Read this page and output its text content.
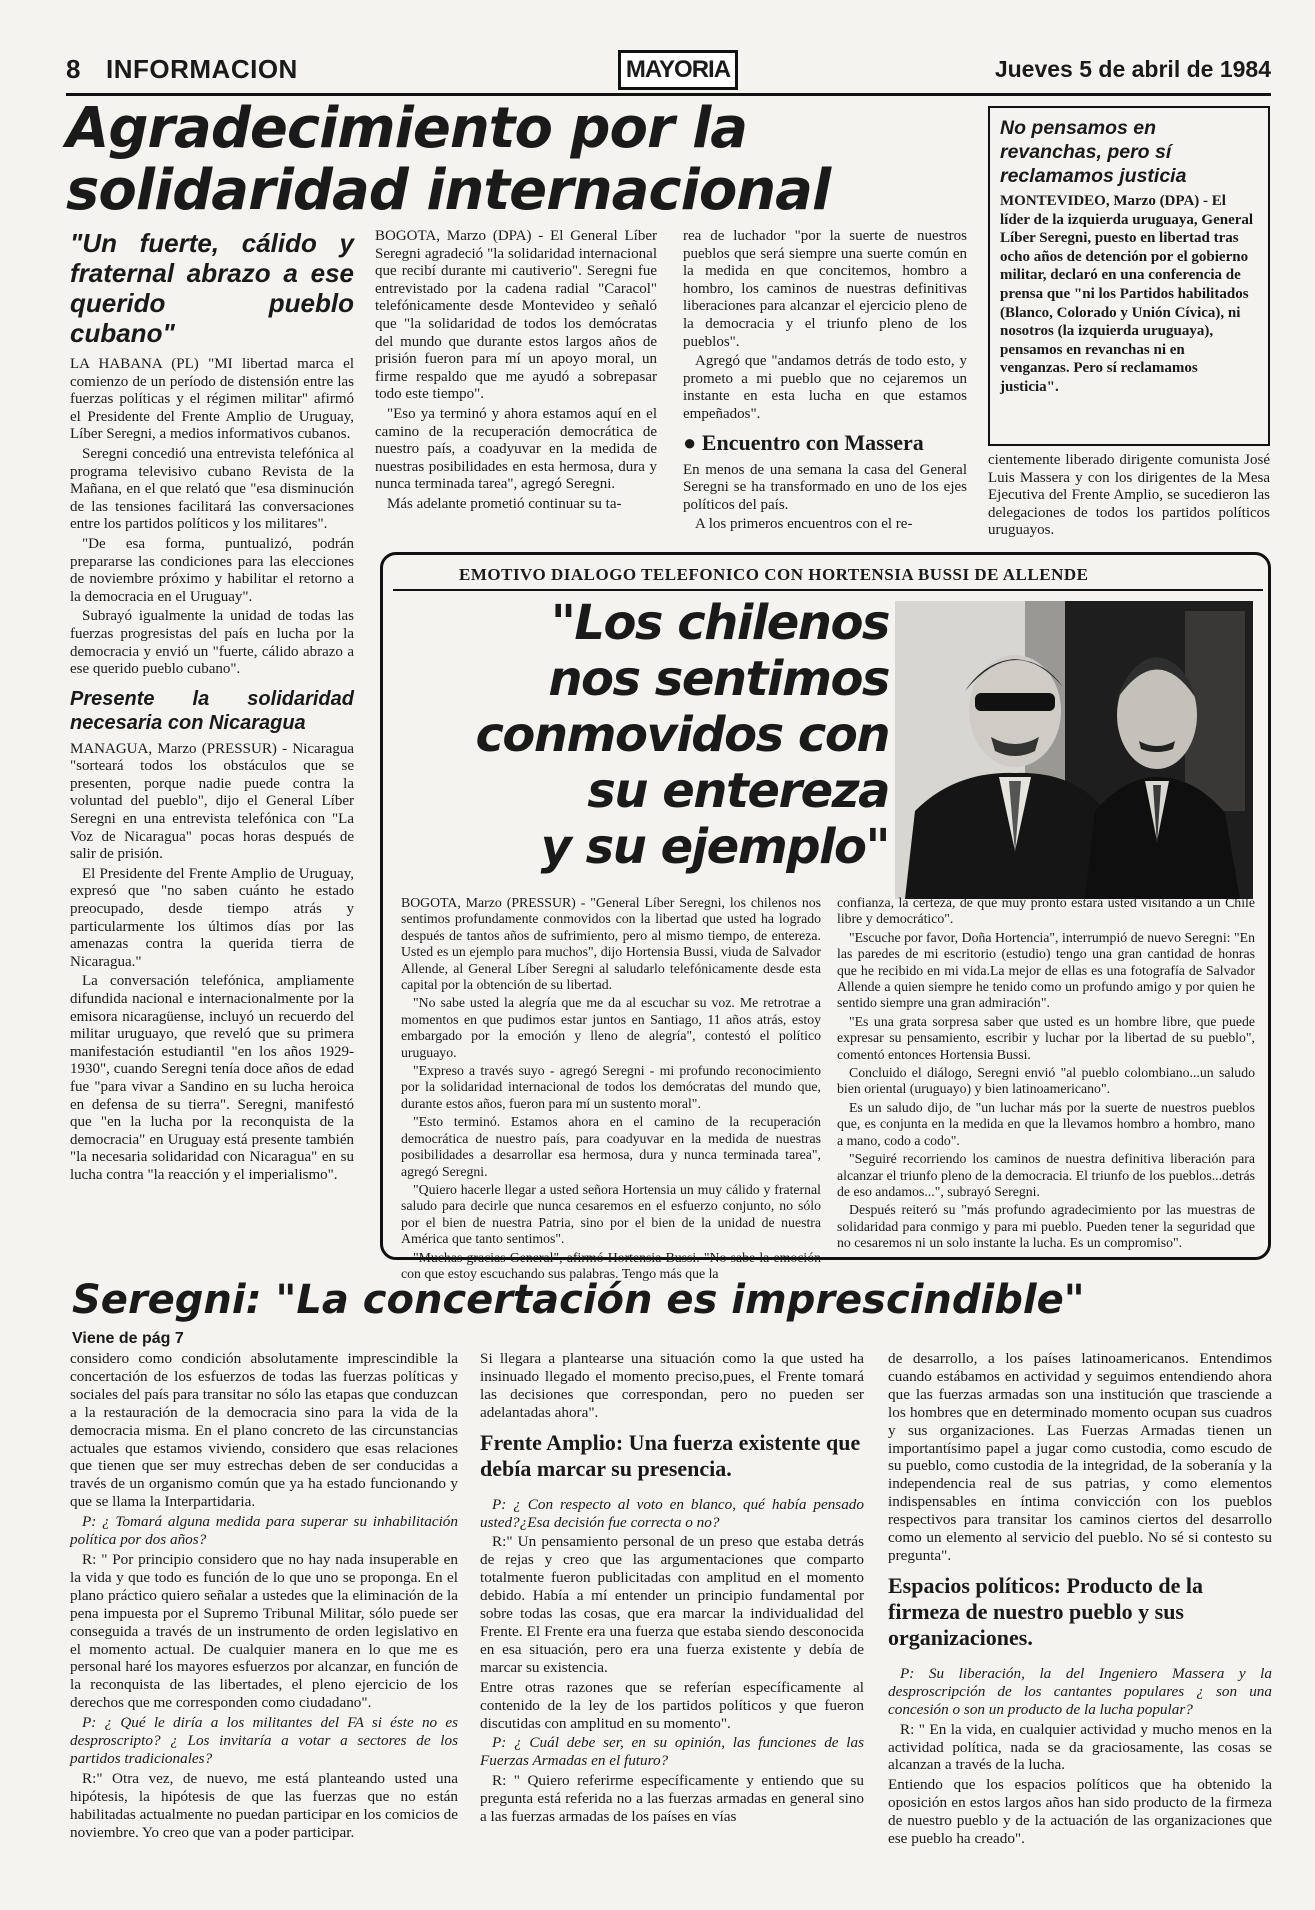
8 INFORMACION	MAYORIA	Jueves 5 de abril de 1984
Agradecimiento por la
solidaridad internacional
No pensamos en revanchas, pero sí reclamamos justicia
MONTEVIDEO, Marzo (DPA) - El líder de la izquierda uruguaya, General Líber Seregni, puesto en libertad tras ocho años de detención por el gobierno militar, declaró en una conferencia de prensa que "ni los Partidos habilitados (Blanco, Colorado y Unión Cívica), ni nosotros (la izquierda uruguaya), pensamos en revanchas ni en venganzas. Pero sí reclamamos justicia".

cientemente liberado dirigente comunista José Luis Massera y con los dirigentes de la Mesa Ejecutiva del Frente Amplio, se sucedieron las delegaciones de todos los partidos políticos uruguayos.

"Un fuerte, cálido y fraternal abrazo a ese querido pueblo cubano"

LA HABANA (PL) "MI libertad marca el comienzo de un período de distensión entre las fuerzas políticas y el régimen militar" afirmó el Presidente del Frente Amplio de Uruguay, Líber Seregni, a medios informativos cubanos.

Seregni concedió una entrevista telefónica al programa televisivo cubano Revista de la Mañana, en el que relató que "esa disminución de las tensiones facilitará las conversaciones entre los partidos políticos y los militares".

"De esa forma, puntualizó, podrán prepararse las condiciones para las elecciones de noviembre próximo y habilitar el retorno a la democracia en el Uruguay".

Subrayó igualmente la unidad de todas las fuerzas progresistas del país en lucha por la democracia y envió un "fuerte, cálido abrazo a ese querido pueblo cubano".

Presente la solidaridad necesaria con Nicaragua

MANAGUA, Marzo (PRESSUR) - Nicaragua "sorteará todos los obstáculos que se presenten, porque nadie puede contra la voluntad del pueblo", dijo el General Líber Seregni en una entrevista telefónica con "La Voz de Nicaragua" pocas horas después de salir de prisión.

El Presidente del Frente Amplio de Uruguay, expresó que "no saben cuánto he estado preocupado, desde tiempo atrás y particularmente los últimos días por las amenazas contra la querida tierra de Nicaragua."

La conversación telefónica, ampliamente difundida nacional e internacionalmente por la emisora nicaragüense, incluyó un recuerdo del militar uruguayo, que reveló que su primera manifestación estudiantil "en los años 1929-1930", cuando Seregni tenía doce años de edad fue "para vivar a Sandino en su lucha heroica en defensa de su tierra". Seregni, manifestó que "en la lucha por la reconquista de la democracia" en Uruguay está presente también "la necesaria solidaridad con Nicaragua" en su lucha contra "la reacción y el imperialismo".

BOGOTA, Marzo (DPA) - El General Líber Seregni agradeció "la solidaridad internacional que recibí durante mi cautiverio". Seregni fue entrevistado por la cadena radial "Caracol" telefónicamente desde Montevideo y señaló que "la solidaridad de todos los demócratas del mundo que durante estos largos años de prisión fueron para mí un apoyo moral, un firme respaldo que me ayudó a sobrepasar todo este tiempo".

"Eso ya terminó y ahora estamos aquí en el camino de la recuperación democrática de nuestro país, a coadyuvar en la medida de nuestras posibilidades en esta hermosa, dura y nunca terminada tarea", agregó Seregni.

Más adelante prometió continuar su ta-

rea de luchador "por la suerte de nuestros pueblos que será siempre una suerte común en la medida en que concitemos, hombro a hombro, los caminos de nuestras definitivas liberaciones para alcanzar el ejercicio pleno de la democracia y el triunfo pleno de los pueblos".

Agregó que "andamos detrás de todo esto, y prometo a mi pueblo que no cejaremos un instante en esta lucha en que estamos empeñados".

● Encuentro con Massera

En menos de una semana la casa del General Seregni se ha transformado en uno de los ejes políticos del país.

A los primeros encuentros con el re-

EMOTIVO DIALOGO TELEFONICO CON HORTENSIA BUSSI DE ALLENDE
"Los chilenos
nos sentimos
conmovidos con
su entereza
y su ejemplo"

BOGOTA, Marzo (PRESSUR) - "General Líber Seregni, los chilenos nos sentimos profundamente conmovidos con la libertad que usted ha logrado después de tantos años de sufrimiento, pero al mismo tiempo, de entereza. Usted es un ejemplo para muchos", dijo Hortensia Bussi, viuda de Salvador Allende, al General Líber Seregni al saludarlo telefónicamente desde esta capital por la obtención de su libertad.

"No sabe usted la alegría que me da al escuchar su voz. Me retrotrae a momentos en que pudimos estar juntos en Santiago, 11 años atrás, estoy embargado por la emoción y lleno de alegría", contestó el político uruguayo.

"Expreso a través suyo - agregó Seregni - mi profundo reconocimiento por la solidaridad internacional de todos los demócratas del mundo que, durante estos años, fueron para mí un sustento moral".

"Esto terminó. Estamos ahora en el camino de la recuperación democrática de nuestro país, para coadyuvar en la medida de nuestras posibilidades a desarrollar esa hermosa, dura y nunca terminada tarea", agregó Seregni.

"Quiero hacerle llegar a usted señora Hortensia un muy cálido y fraternal saludo para decirle que nunca cesaremos en el esfuerzo conjunto, no sólo por el bien de nuestra Patria, sino por el bien de la unidad de nuestra América que tanto sentimos".

"Muchas gracias General", afirmó Hortensia Bussi. "No sabe la emoción con que estoy escuchando sus palabras. Tengo más que la

confianza, la certeza, de que muy pronto estará usted visitando a un Chile libre y democrático".

"Escuche por favor, Doña Hortencia", interrumpió de nuevo Seregni: "En las paredes de mi escritorio (estudio) tengo una gran cantidad de honras que he recibido en mi vida.La mejor de ellas es una fotografía de Salvador Allende a quien siempre he tenido como un profundo amigo y por quien he sentido siempre una gran admiración".

"Es una grata sorpresa saber que usted es un hombre libre, que puede expresar su pensamiento, escribir y luchar por la libertad de su pueblo", comentó entonces Hortensia Bussi.

Concluido el diálogo, Seregni envió "al pueblo colombiano...un saludo bien oriental (uruguayo) y bien latinoamericano".

Es un saludo dijo, de "un luchar más por la suerte de nuestros pueblos que, es conjunta en la medida en que la llevamos hombro a hombro, mano a mano, codo a codo".

"Seguiré recorriendo los caminos de nuestra definitiva liberación para alcanzar el triunfo pleno de la democracia. El triunfo de los pueblos...detrás de eso andamos...", subrayó Seregni.

Después reiteró su "más profundo agradecimiento por las muestras de solidaridad para conmigo y para mi pueblo. Pueden tener la seguridad que no cesaremos ni un solo instante la lucha. Es un compromiso".

Seregni: "La concertación es imprescindible"
Viene de pág 7

considero como condición absolutamente imprescindible la concertación de los esfuerzos de todas las fuerzas políticas y sociales del país para transitar no sólo las etapas que conduzcan a la restauración de la democracia sino para la vida de la democracia misma. En el plano concreto de las circunstancias actuales que estamos viviendo, considero que esas relaciones que tienen que ser muy estrechas deben de ser conducidas a través de un organismo común que ya ha estado funcionando y que se llama la Interpartidaria.

P: ¿ Tomará alguna medida para superar su inhabilitación política por dos años?

R: " Por principio considero que no hay nada insuperable en la vida y que todo es función de lo que uno se proponga. En el plano práctico quiero señalar a ustedes que la eliminación de la pena impuesta por el Supremo Tribunal Militar, sólo puede ser conseguida a través de un instrumento de orden legislativo en el momento actual. De cualquier manera en lo que me es personal haré los mayores esfuerzos por alcanzar, en función de la reconquista de las libertades, el pleno ejercicio de los derechos que me corresponden como ciudadano".

P: ¿ Qué le diría a los militantes del FA si éste no es desproscripto? ¿ Los invitaría a votar a sectores de los partidos tradicionales?

R:" Otra vez, de nuevo, me está planteando usted una hipótesis, la hipótesis de que las fuerzas que no están habilitadas actualmente no puedan participar en los comicios de noviembre. Yo creo que van a poder participar.

Si llegara a plantearse una situación como la que usted ha insinuado llegado el momento preciso,pues, el Frente tomará las decisiones que correspondan, pero no pueden ser adelantadas ahora".

Frente Amplio: Una fuerza existente que debía marcar su presencia.

P: ¿ Con respecto al voto en blanco, qué había pensado usted?¿Esa decisión fue correcta o no?

R:" Un pensamiento personal de un preso que estaba detrás de rejas y creo que las argumentaciones que comparto totalmente fueron publicitadas con amplitud en el momento debido. Había a mí entender un principio fundamental por sobre todas las cosas, que era marcar la individualidad del Frente. El Frente era una fuerza que estaba siendo desconocida en esa situación, pero era una fuerza existente y debía de marcar su existencia.

Entre otras razones que se referían específicamente al contenido de la ley de los partidos políticos y que fueron discutidas con amplitud en su momento".

P: ¿ Cuál debe ser, en su opinión, las funciones de las Fuerzas Armadas en el futuro?

R: " Quiero referirme específicamente y entiendo que su pregunta está referida no a las fuerzas armadas en general sino a las fuerzas armadas de los países en vías

de desarrollo, a los países latinoamericanos. Entendimos cuando estábamos en actividad y seguimos entendiendo ahora que las fuerzas armadas son una institución que trasciende a los hombres que en determinado momento ocupan sus cuadros y sus organizaciones. Las Fuerzas Armadas tienen un importantísimo papel a jugar como custodia, como escudo de su pueblo, como custodia de la integridad, de la soberanía y la independencia real de sus patrias, y como elementos indispensables en íntima convicción con los pueblos respectivos para transitar los caminos ciertos del desarrollo como un elemento al servicio del pueblo. No sé si contesto su pregunta".

Espacios políticos: Producto de la firmeza de nuestro pueblo y sus organizaciones.

P: Su liberación, la del Ingeniero Massera y la desproscripción de los cantantes populares ¿ son una concesión o son un producto de la lucha popular?

R: " En la vida, en cualquier actividad y mucho menos en la actividad política, nada se da graciosamente, las cosas se alcanzan a través de la lucha.

Entiendo que los espacios políticos que ha obtenido la oposición en estos largos años han sido producto de la firmeza de nuestro pueblo y de la actuación de las organizaciones que ese pueblo ha creado".
